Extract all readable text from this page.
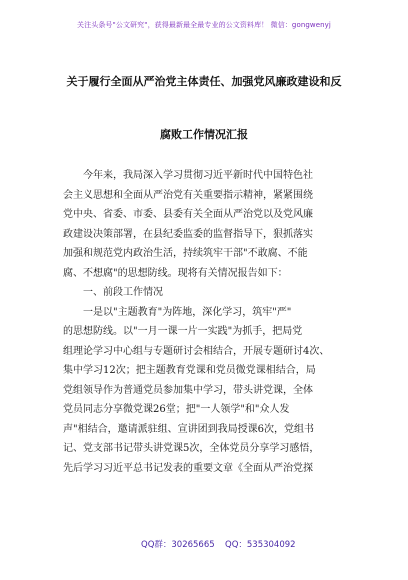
关注头条号"公文研究"，获得最新最全最专业的公文资料库！ 微信：gongwenyj
关于履行全面从严治党主体责任、加强党风廉政建设和反
腐败工作情况汇报
今年来，我局深入学习贯彻习近平新时代中国特色社
会主义思想和全面从严治党有关重要指示精神，紧紧围绕
党中央、省委、市委、县委有关全面从严治党以及党风廉
政建设决策部署，在县纪委监委的监督指导下，狠抓落实
加强和规范党内政治生活，持续筑牢干部"不敢腐、不能
腐、不想腐"的思想防线。现将有关情况报告如下：
一、前段工作情况
一是以"主题教育"为阵地，深化学习，筑牢"严"
的思想防线。以"一月一课一片一实践"为抓手，把局党
组理论学习中心组与专题研讨会相结合，开展专题研讨4次、
集中学习12次；把主题教育党课和党员微党课相结合，局
党组领导作为普通党员参加集中学习，带头讲党课，全体
党员同志分享微党课26堂；把"一人领学"和"众人发
声"相结合，邀请派驻组、宣讲团到我局授课6次，党组书
记、党支部书记带头讲党课5次，全体党员分享学习感悟，
先后学习习近平总书记发表的重要文章《全面从严治党探
QQ群：30265665 QQ：535304092
